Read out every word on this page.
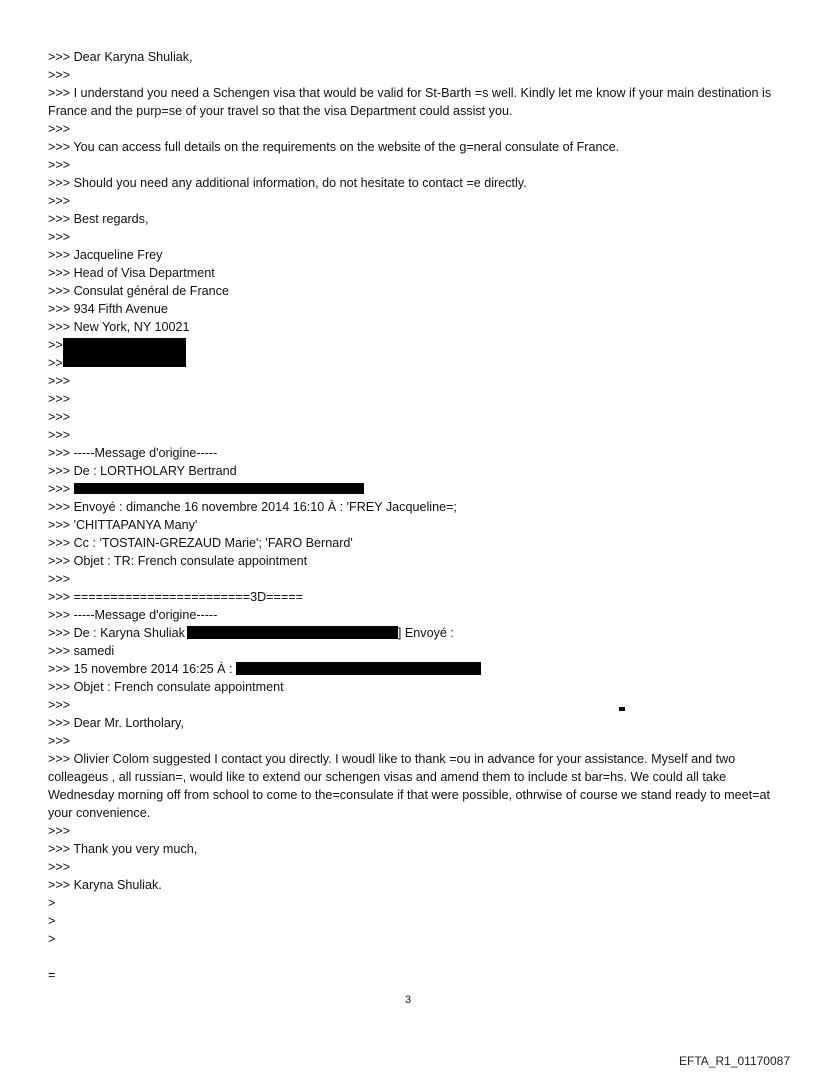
>>> Dear Karyna Shuliak,
>>>
>>> I understand you need a Schengen visa that would be valid for St-Barth =s well. Kindly let me know if your main destination is France and the purp=se of your travel so that the visa Department could assist you.
>>>
>>> You can access full details on the requirements on the website of the g=neral consulate of France.
>>>
>>> Should you need any additional information, do not hesitate to contact =e directly.
>>>
>>> Best regards,
>>>
>>> Jacqueline Frey
>>> Head of Visa Department
>>> Consulat général de France
>>> 934 Fifth Avenue
>>> New York, NY 10021
>>
>>
>>>
>>>
>>>
>>>
>>> -----Message d'origine-----
>>> De : LORTHOLARY Bertrand
>>>
>>> Envoyé : dimanche 16 novembre 2014 16:10 À : 'FREY Jacqueline=;
>>> 'CHITTAPANYA Many'
>>> Cc : 'TOSTAIN-GREZAUD Marie'; 'FARO Bernard'
>>> Objet : TR: French consulate appointment
>>>
>>> ========================3D=====
>>> -----Message d'origine-----
>>> De : Karyna Shuliak	] Envoyé :
>>> samedi
>>> 15 novembre 2014 16:25 À :
>>> Objet : French consulate appointment
>>>
>>> Dear Mr. Lortholary,
>>>
>>> Olivier Colom suggested I contact you directly. I woudl like to thank =ou in advance for your assistance. Myself and two colleageus , all russian=, would like to extend our schengen visas and amend them to include st bar=hs. We could all take Wednesday morning off from school to come to the=consulate if that were possible, othrwise of course we stand ready to meet=at your convenience.
>>>
>>> Thank you very much,
>>>
>>> Karyna Shuliak.
>
>
>
=
3
EFTA_R1_01170087
